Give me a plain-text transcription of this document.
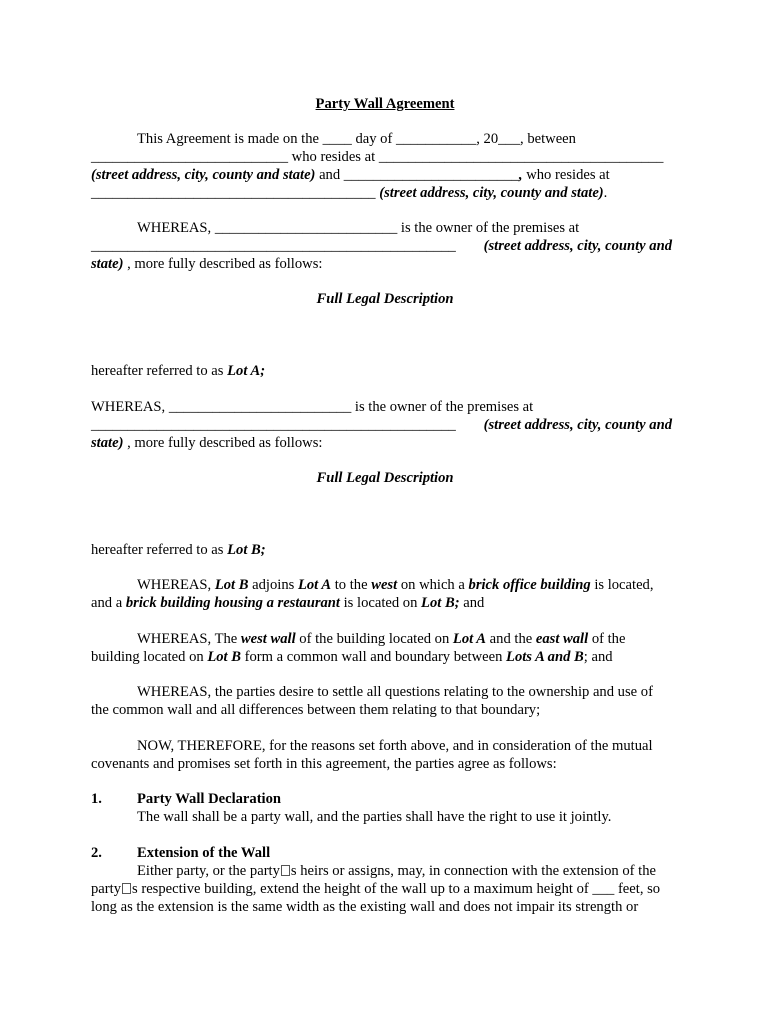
Party Wall Agreement
This Agreement is made on the ____ day of ___________, 20___, between
___________________________ who resides at _______________________________________
(street address, city, county and state) and ________________________, who resides at
_______________________________________ (street address, city, county and state).
WHEREAS, _________________________ is the owner of the premises at
__________________________________________________ (street address, city, county and
state) , more fully described as follows:
Full Legal Description
hereafter referred to as Lot A;
WHEREAS, _________________________ is the owner of the premises at
__________________________________________________ (street address, city, county and
state) , more fully described as follows:
Full Legal Description
hereafter referred to as Lot B;
WHEREAS, Lot B adjoins Lot A to the west on which a brick office building is located,
and a brick building housing a restaurant is located on Lot B; and
WHEREAS, The west wall of the building located on Lot A and the east wall of the
building located on Lot B form a common wall and boundary between Lots A and B; and
WHEREAS, the parties desire to settle all questions relating to the ownership and use of
the common wall and all differences between them relating to that boundary;
NOW, THEREFORE, for the reasons set forth above, and in consideration of the mutual
covenants and promises set forth in this agreement, the parties agree as follows:
1. Party Wall Declaration
The wall shall be a party wall, and the parties shall have the right to use it jointly.
2. Extension of the Wall
Either party, or the party s heirs or assigns, may, in connection with the extension of the
party s respective building, extend the height of the wall up to a maximum height of ___ feet, so
long as the extension is the same width as the existing wall and does not impair its strength or
